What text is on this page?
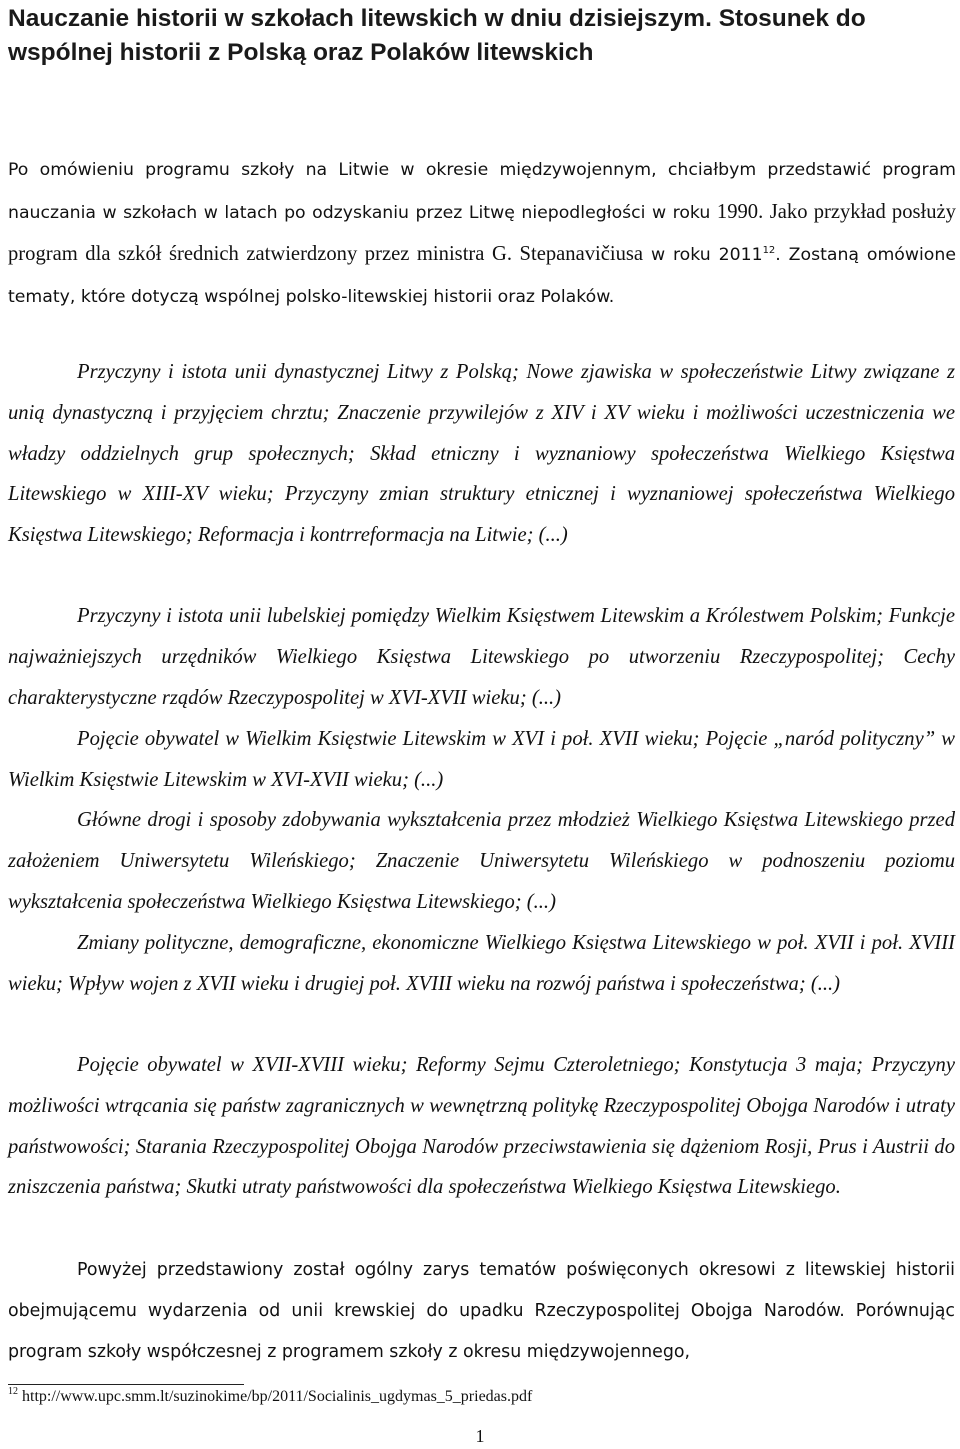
Nauczanie historii w szkołach litewskich w dniu dzisiejszym. Stosunek do wspólnej historii z Polską oraz Polaków litewskich

Po omówieniu programu szkoły na Litwie w okresie międzywojennym, chciałbym przedstawić program nauczania w szkołach w latach po odzyskaniu przez Litwę niepodległości w roku 1990. Jako przykład posłuży program dla szkół średnich zatwierdzony przez ministra G. Stepanavičiusa w roku 2011$^{12}$. Zostaną omówione tematy, które dotyczą wspólnej polsko-litewskiej historii oraz Polaków.

Przyczyny i istota unii dynastycznej Litwy z Polską; Nowe zjawiska w społeczeństwie Litwy związane z unią dynastyczną i przyjęciem chrztu; Znaczenie przywilejów z XIV i XV wieku i możliwości uczestniczenia we władzy oddzielnych grup społecznych; Skład etniczny i wyznaniowy społeczeństwa Wielkiego Księstwa Litewskiego w XIII-XV wieku; Przyczyny zmian struktury etnicznej i wyznaniowej społeczeństwa Wielkiego Księstwa Litewskiego; Reformacja i kontrreformacja na Litwie; (...)

Przyczyny i istota unii lubelskiej pomiędzy Wielkim Księstwem Litewskim a Królestwem Polskim; Funkcje najważniejszych urzędników Wielkiego Księstwa Litewskiego po utworzeniu Rzeczypospolitej; Cechy charakterystyczne rządów Rzeczypospolitej w XVI-XVII wieku; (...)

Pojęcie obywatel w Wielkim Księstwie Litewskim w XVI i poł. XVII wieku; Pojęcie „naród polityczny” w Wielkim Księstwie Litewskim w XVI-XVII wieku; (...)

Główne drogi i sposoby zdobywania wykształcenia przez młodzież Wielkiego Księstwa Litewskiego przed założeniem Uniwersytetu Wileńskiego; Znaczenie Uniwersytetu Wileńskiego w podnoszeniu poziomu wykształcenia społeczeństwa Wielkiego Księstwa Litewskiego; (...)

Zmiany polityczne, demograficzne, ekonomiczne Wielkiego Księstwa Litewskiego w poł. XVII i poł. XVIII wieku; Wpływ wojen z XVII wieku i drugiej poł. XVIII wieku na rozwój państwa i społeczeństwa; (...)

Pojęcie obywatel w XVII-XVIII wieku; Reformy Sejmu Czteroletniego; Konstytucja 3 maja; Przyczyny możliwości wtrącania się państw zagranicznych w wewnętrzną politykę Rzeczypospolitej Obojga Narodów i utraty państwowości; Starania Rzeczypospolitej Obojga Narodów przeciwstawienia się dążeniom Rosji, Prus i Austrii do zniszczenia państwa; Skutki utraty państwowości dla społeczeństwa Wielkiego Księstwa Litewskiego.

Powyżej przedstawiony został ogólny zarys tematów poświęconych okresowi z litewskiej historii obejmującemu wydarzenia od unii krewskiej do upadku Rzeczypospolitej Obojga Narodów. Porównując program szkoły współczesnej z programem szkoły z okresu międzywojennego,

$^{12}$ http://www.upc.smm.lt/suzinokime/bp/2011/Socialinis_ugdymas_5_priedas.pdf

1
